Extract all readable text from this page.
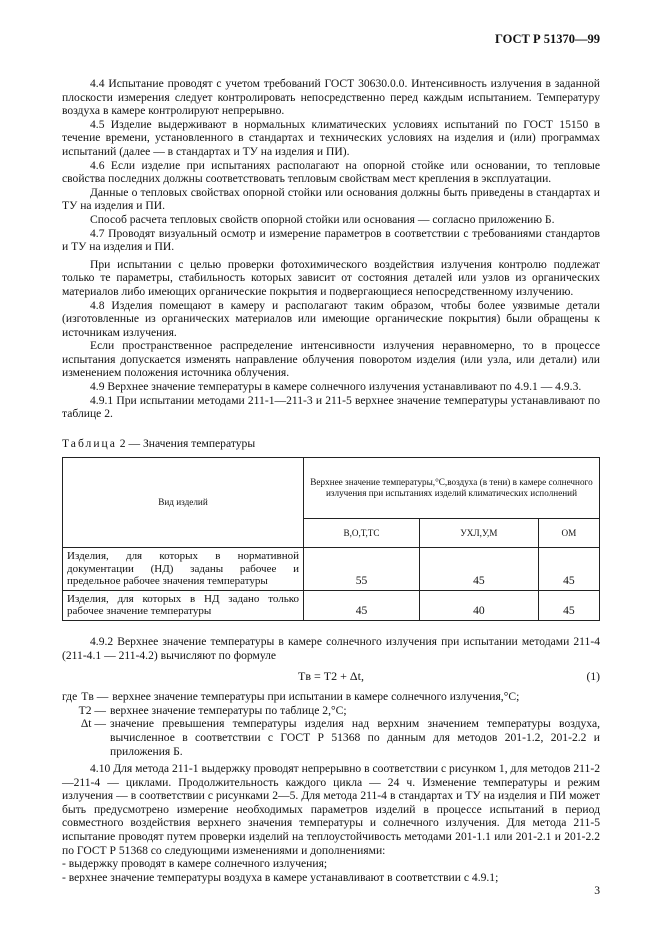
ГОСТ Р 51370—99

4.4 Испытание проводят с учетом требований ГОСТ 30630.0.0. Интенсивность излучения в заданной плоскости измерения следует контролировать непосредственно перед каждым испытанием. Температуру воздуха в камере контролируют непрерывно.

4.5 Изделие выдерживают в нормальных климатических условиях испытаний по ГОСТ 15150 в течение времени, установленного в стандартах и технических условиях на изделия и (или) программах испытаний (далее — в стандартах и ТУ на изделия и ПИ).

4.6 Если изделие при испытаниях располагают на опорной стойке или основании, то тепловые свойства последних должны соответствовать тепловым свойствам мест крепления в эксплуатации.

Данные о тепловых свойствах опорной стойки или основания должны быть приведены в стандартах и ТУ на изделия и ПИ.

Способ расчета тепловых свойств опорной стойки или основания — согласно приложению Б.

4.7 Проводят визуальный осмотр и измерение параметров в соответствии с требованиями стандартов и ТУ на изделия и ПИ.

При испытании с целью проверки фотохимического воздействия излучения контролю подлежат только те параметры, стабильность которых зависит от состояния деталей или узлов из органических материалов либо имеющих органические покрытия и подвергающиеся непосредственному излучению.

4.8 Изделия помещают в камеру и располагают таким образом, чтобы более уязвимые детали (изготовленные из органических материалов или имеющие органические покрытия) были обращены к источникам излучения.

Если пространственное распределение интенсивности излучения неравномерно, то в процессе испытания допускается изменять направление облучения поворотом изделия (или узла, или детали) или изменением положения источника облучения.

4.9 Верхнее значение температуры в камере солнечного излучения устанавливают по 4.9.1 — 4.9.3.

4.9.1 При испытании методами 211-1—211-3 и 211-5 верхнее значение температуры устанавливают по таблице 2.

Таблица 2 — Значения температуры

Вид изделий	Верхнее значение температуры,°С,воздуха (в тени) в камере солнечного излучения при испытаниях изделий климатических исполнений		
	В,О,Т,ТС	УХЛ,У,М	ОМ
Изделия, для которых в нормативной документации (НД) заданы рабочее и предельное рабочее значения температуры	55	45	45
Изделия, для которых в НД задано только рабочее значение температуры	45	40	45

4.9.2 Верхнее значение температуры в камере солнечного излучения при испытании методами 211-4 (211-4.1 — 211-4.2) вычисляют по формуле

Tв = T2 + Δt,	(1)
где Tв — верхнее значение температуры при испытании в камере солнечного излучения,°С;
T2 — верхнее значение температуры по таблице 2,°С;
Δt — значение превышения температуры изделия над верхним значением температуры воздуха, вычисленное в соответствии с ГОСТ Р 51368 по данным для методов 201-1.2, 201-2.2 и приложения Б.

4.10 Для метода 211-1 выдержку проводят непрерывно в соответствии с рисунком 1, для методов 211-2—211-4 — циклами. Продолжительность каждого цикла — 24 ч. Изменение температуры и режим излучения — в соответствии с рисунками 2—5. Для метода 211-4 в стандартах и ТУ на изделия и ПИ может быть предусмотрено измерение необходимых параметров изделий в процессе испытаний в период совместного воздействия верхнего значения температуры и солнечного излучения. Для метода 211-5 испытание проводят путем проверки изделий на теплоустойчивость методами 201-1.1 или 201-2.1 и 201-2.2 по ГОСТ Р 51368 со следующими изменениями и дополнениями:

- выдержку проводят в камере солнечного излучения;

- верхнее значение температуры воздуха в камере устанавливают в соответствии с 4.9.1;

3
